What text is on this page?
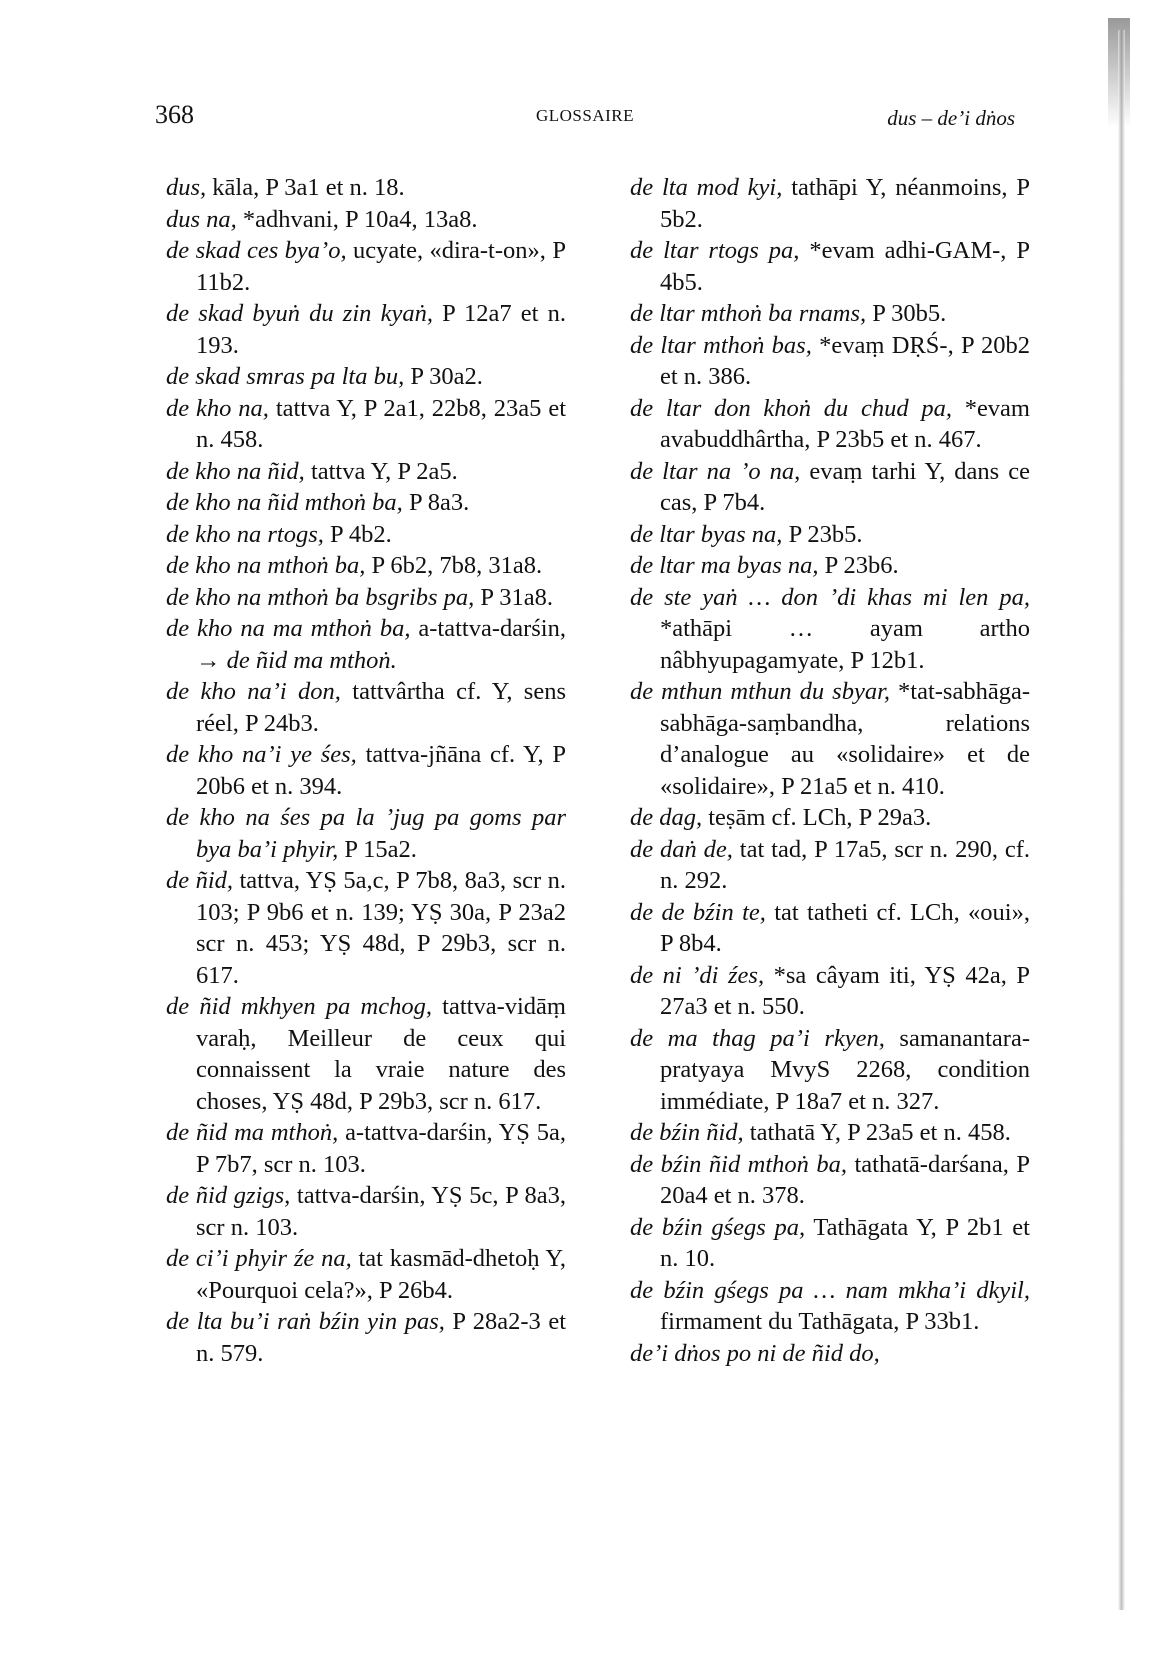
368	GLOSSAIRE	dus – de’i dṅos

dus, kāla, P 3a1 et n. 18.

dus na, *adhvani, P 10a4, 13a8.

de skad ces bya’o, ucyate, «dira-t-on», P 11b2.

de skad byuṅ du zin kyaṅ, P 12a7 et n. 193.

de skad smras pa lta bu, P 30a2.

de kho na, tattva Y, P 2a1, 22b8, 23a5 et n. 458.

de kho na ñid, tattva Y, P 2a5.

de kho na ñid mthoṅ ba, P 8a3.

de kho na rtogs, P 4b2.

de kho na mthoṅ ba, P 6b2, 7b8, 31a8.

de kho na mthoṅ ba bsgribs pa, P 31a8.

de kho na ma mthoṅ ba, a-tattva-darśin, → de ñid ma mthoṅ.

de kho na’i don, tattvârtha cf. Y, sens réel, P 24b3.

de kho na’i ye śes, tattva-jñāna cf. Y, P 20b6 et n. 394.

de kho na śes pa la ’jug pa goms par bya ba’i phyir, P 15a2.

de ñid, tattva, YṢ 5a,c, P 7b8, 8a3, scr n. 103; P 9b6 et n. 139; YṢ 30a, P 23a2 scr n. 453; YṢ 48d, P 29b3, scr n. 617.

de ñid mkhyen pa mchog, tattva-vidāṃ varaḥ, Meilleur de ceux qui connaissent la vraie nature des choses, YṢ 48d, P 29b3, scr n. 617.

de ñid ma mthoṅ, a-tattva-darśin, YṢ 5a, P 7b7, scr n. 103.

de ñid gzigs, tattva-darśin, YṢ 5c, P 8a3, scr n. 103.

de ci’i phyir źe na, tat kasmād-dhetoḥ Y, «Pourquoi cela?», P 26b4.

de lta bu’i raṅ bźin yin pas, P 28a2-3 et n. 579.

de lta mod kyi, tathāpi Y, néanmoins, P 5b2.

de ltar rtogs pa, *evam adhi-GAM-, P 4b5.

de ltar mthoṅ ba rnams, P 30b5.

de ltar mthoṅ bas, *evaṃ DṚŚ-, P 20b2 et n. 386.

de ltar don khoṅ du chud pa, *evam avabuddhârtha, P 23b5 et n. 467.

de ltar na ’o na, evaṃ tarhi Y, dans ce cas, P 7b4.

de ltar byas na, P 23b5.

de ltar ma byas na, P 23b6.

de ste yaṅ … don ’di khas mi len pa, *athāpi … ayam artho nâbhyupagamyate, P 12b1.

de mthun mthun du sbyar, *tat-sabhāga-sabhāga-saṃbandha, relations d’analogue au «solidaire» et de «solidaire», P 21a5 et n. 410.

de dag, teṣām cf. LCh, P 29a3.

de daṅ de, tat tad, P 17a5, scr n. 290, cf. n. 292.

de de bźin te, tat tatheti cf. LCh, «oui», P 8b4.

de ni ’di źes, *sa câyam iti, YṢ 42a, P 27a3 et n. 550.

de ma thag pa’i rkyen, samanantara-pratyaya MvyS 2268, condition immédiate, P 18a7 et n. 327.

de bźin ñid, tathatā Y, P 23a5 et n. 458.

de bźin ñid mthoṅ ba, tathatā-darśana, P 20a4 et n. 378.

de bźin gśegs pa, Tathāgata Y, P 2b1 et n. 10.

de bźin gśegs pa … nam mkha’i dkyil, firmament du Tathāgata, P 33b1.

de’i dṅos po ni de ñid do,
